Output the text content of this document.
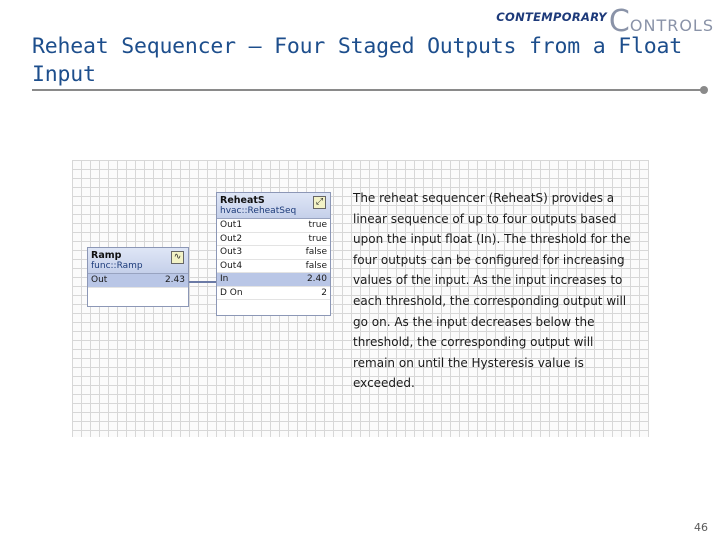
CONTEMPORARY C ONTROLS
Reheat Sequencer — Four Staged Outputs from a Float Input
Ramp
func::Ramp
∿
Out	2.43
ReheatS
hvac::ReheatSeq
⤢
Out1	true
Out2	true
Out3	false
Out4	false
In	2.40
D On	2
The reheat sequencer (ReheatS) provides a linear sequence of up to four outputs based upon the input float (In). The threshold for the four outputs can be configured for increasing values of the input. As the input increases to each threshold, the corresponding output will go on. As the input decreases below the threshold, the corresponding output will remain on until the Hysteresis value is exceeded.
46
